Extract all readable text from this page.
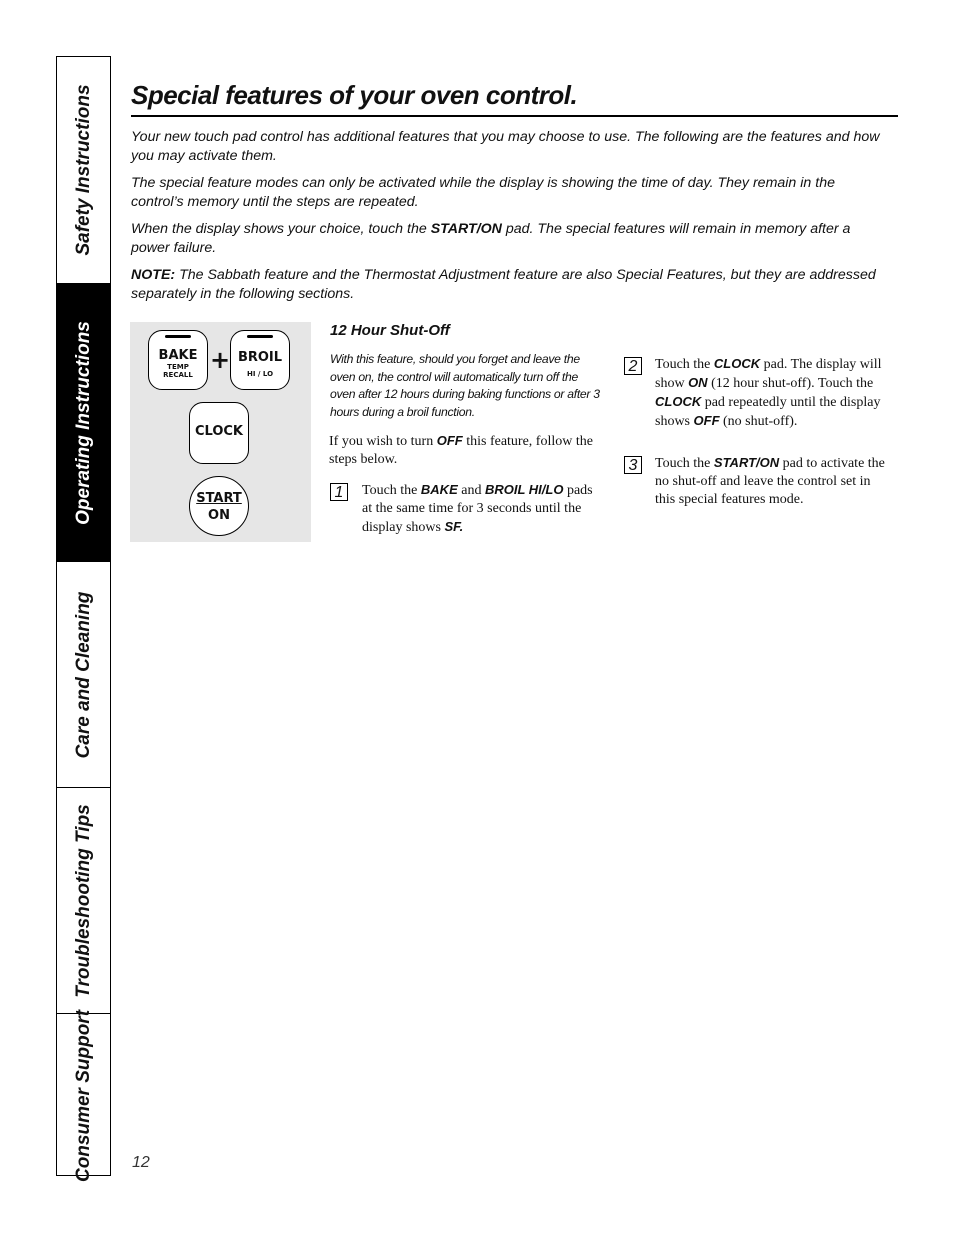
Safety Instructions
Operating Instructions
Care and Cleaning
Troubleshooting Tips
Consumer Support
Special features of your oven control.

Your new touch pad control has additional features that you may choose to use. The following are the features and how you may activate them.

The special feature modes can only be activated while the display is showing the time of day. They remain in the control’s memory until the steps are repeated.

When the display shows your choice, touch the START/ON pad. The special features will remain in memory after a power failure.

NOTE: The Sabbath feature and the Thermostat Adjustment feature are also Special Features, but they are addressed separately in the following sections.

BAKE
TEMP
RECALL
+ BROIL
HI / LO
CLOCK
START
ON
12 Hour Shut-Off
With this feature, should you forget and leave the oven on, the control will automatically turn off the oven after 12 hours during baking functions or after 3 hours during a broil function.
If you wish to turn OFF this feature, follow the steps below.
1	Touch the BAKE and BROIL HI/LO pads at the same time for 3 seconds until the display shows SF.
2	Touch the CLOCK pad. The display will show ON (12 hour shut-off). Touch the CLOCK pad repeatedly until the display shows OFF (no shut-off).
3	Touch the START/ON pad to activate the no shut-off and leave the control set in this special features mode.
12
